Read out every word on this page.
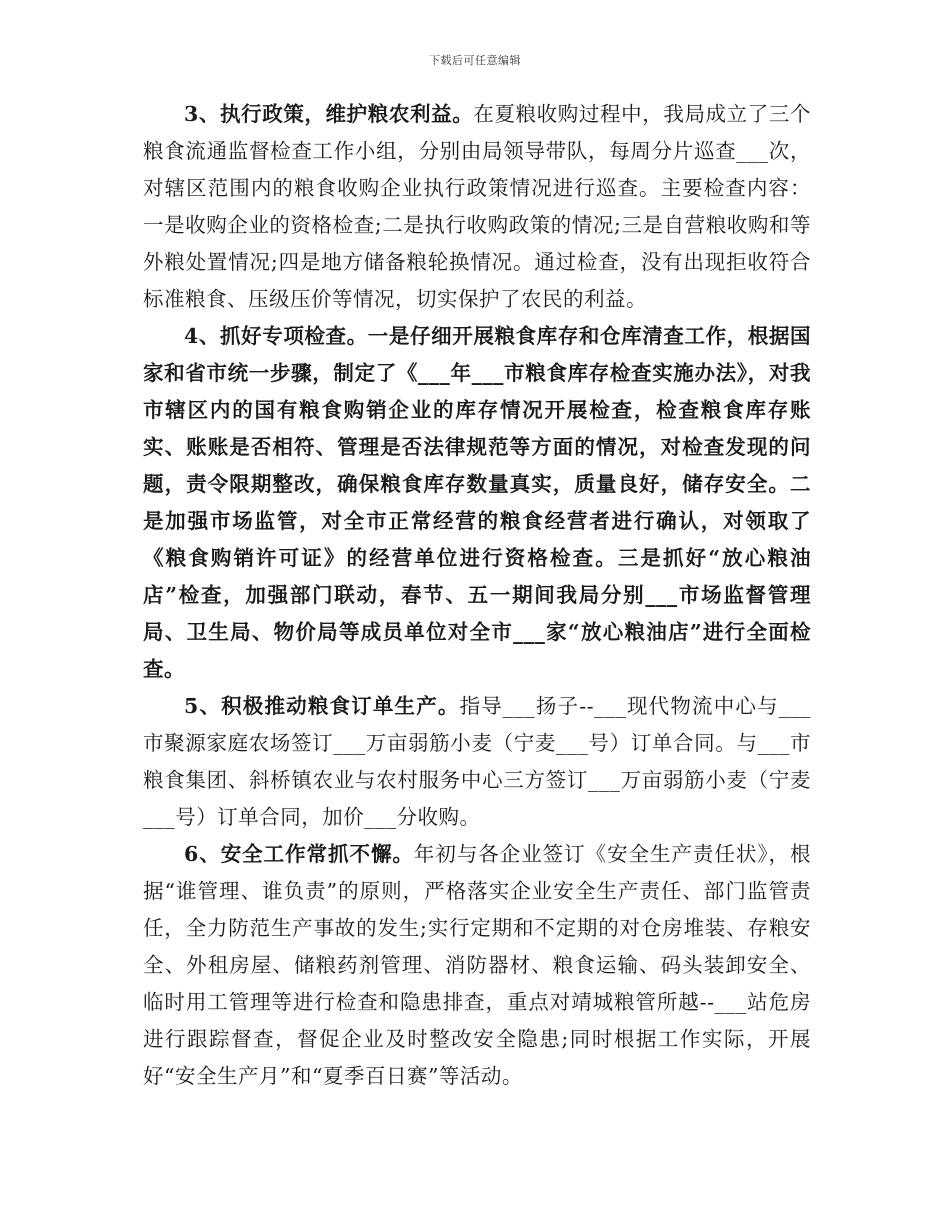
下载后可任意编辑

3、执行政策，维护粮农利益。在夏粮收购过程中，我局成立了三个粮食流通监督检查工作小组，分别由局领导带队，每周分片巡查___次，对辖区范围内的粮食收购企业执行政策情况进行巡查。主要检查内容：一是收购企业的资格检查;二是执行收购政策的情况;三是自营粮收购和等外粮处置情况;四是地方储备粮轮换情况。通过检查，没有出现拒收符合标准粮食、压级压价等情况，切实保护了农民的利益。

4、抓好专项检查。一是仔细开展粮食库存和仓库清查工作，根据国家和省市统一步骤，制定了《___年___市粮食库存检查实施办法》，对我市辖区内的国有粮食购销企业的库存情况开展检查，检查粮食库存账实、账账是否相符、管理是否法律规范等方面的情况，对检查发现的问题，责令限期整改，确保粮食库存数量真实，质量良好，储存安全。二是加强市场监管，对全市正常经营的粮食经营者进行确认，对领取了《粮食购销许可证》的经营单位进行资格检查。三是抓好“放心粮油店”检查，加强部门联动，春节、五一期间我局分别___市场监督管理局、卫生局、物价局等成员单位对全市___家“放心粮油店”进行全面检查。

5、积极推动粮食订单生产。指导___扬子--___现代物流中心与___市聚源家庭农场签订___万亩弱筋小麦（宁麦___号）订单合同。与___市粮食集团、斜桥镇农业与农村服务中心三方签订___万亩弱筋小麦（宁麦___号）订单合同，加价___分收购。

6、安全工作常抓不懈。年初与各企业签订《安全生产责任状》，根据“谁管理、谁负责”的原则，严格落实企业安全生产责任、部门监管责任，全力防范生产事故的发生;实行定期和不定期的对仓房堆装、存粮安全、外租房屋、储粮药剂管理、消防器材、粮食运输、码头装卸安全、临时用工管理等进行检查和隐患排查，重点对靖城粮管所越--___站危房进行跟踪督查，督促企业及时整改安全隐患;同时根据工作实际，开展好“安全生产月”和“夏季百日赛”等活动。
